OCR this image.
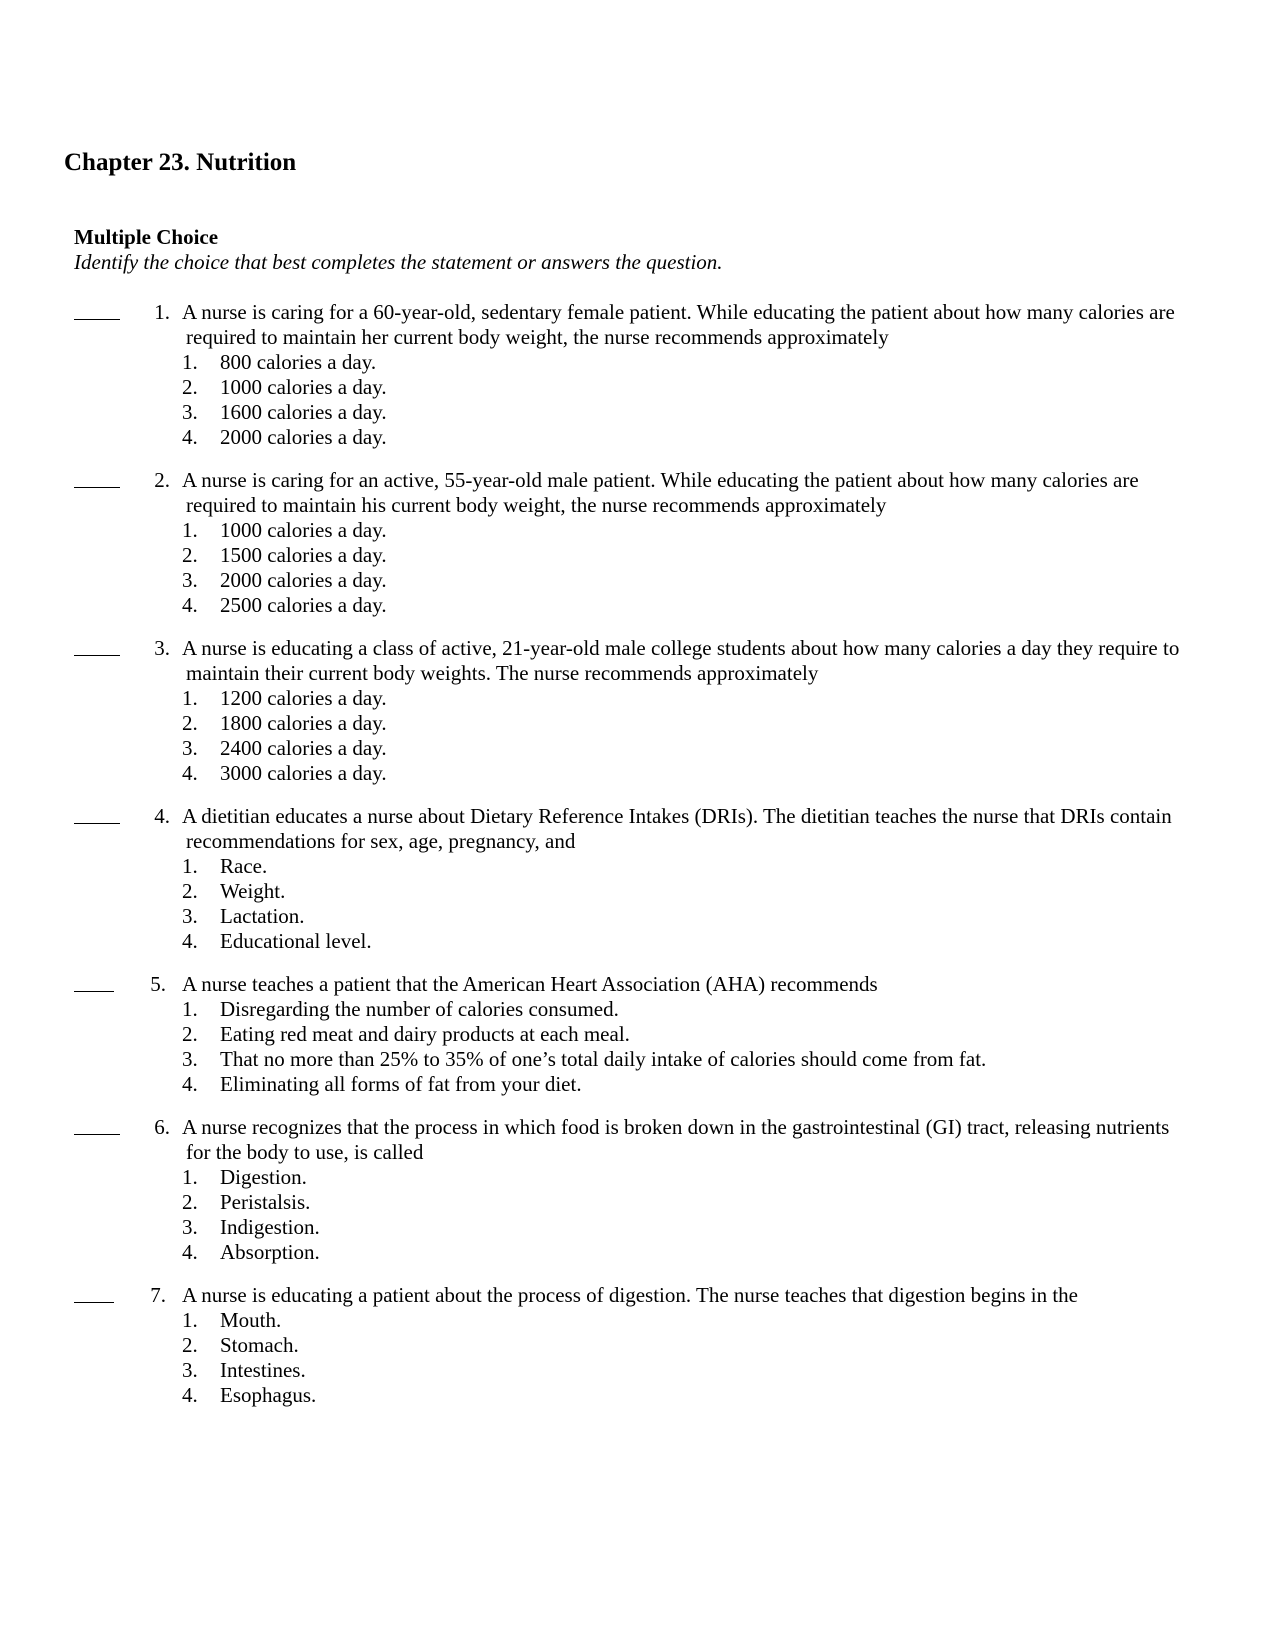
Chapter 23. Nutrition
Multiple Choice

Identify the choice that best completes the statement or answers the question.

1. A nurse is caring for a 60-year-old, sedentary female patient. While educating the patient about how many calories are required to maintain her current body weight, the nurse recommends approximately
1. 800 calories a day.
2. 1000 calories a day.
3. 1600 calories a day.
4. 2000 calories a day.
2. A nurse is caring for an active, 55-year-old male patient. While educating the patient about how many calories are required to maintain his current body weight, the nurse recommends approximately
1. 1000 calories a day.
2. 1500 calories a day.
3. 2000 calories a day.
4. 2500 calories a day.
3. A nurse is educating a class of active, 21-year-old male college students about how many calories a day they require to maintain their current body weights. The nurse recommends approximately
1. 1200 calories a day.
2. 1800 calories a day.
3. 2400 calories a day.
4. 3000 calories a day.
4. A dietitian educates a nurse about Dietary Reference Intakes (DRIs). The dietitian teaches the nurse that DRIs contain recommendations for sex, age, pregnancy, and
1. Race.
2. Weight.
3. Lactation.
4. Educational level.
5. A nurse teaches a patient that the American Heart Association (AHA) recommends
1. Disregarding the number of calories consumed.
2. Eating red meat and dairy products at each meal.
3. That no more than 25% to 35% of one’s total daily intake of calories should come from fat.
4. Eliminating all forms of fat from your diet.
6. A nurse recognizes that the process in which food is broken down in the gastrointestinal (GI) tract, releasing nutrients for the body to use, is called
1. Digestion.
2. Peristalsis.
3. Indigestion.
4. Absorption.
7. A nurse is educating a patient about the process of digestion. The nurse teaches that digestion begins in the
1. Mouth.
2. Stomach.
3. Intestines.
4. Esophagus.
